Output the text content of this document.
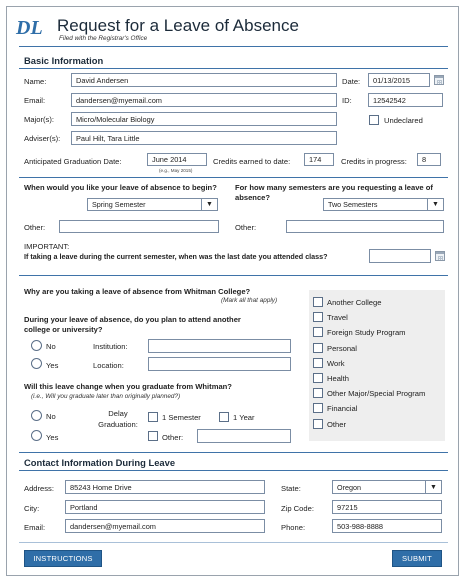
DL Request for a Leave of Absence
Filed with the Registrar's Office
Basic Information
Name:	David Andersen	Date:	01/13/2015
Email:	dandersen@myemail.com	ID:	12542542
Major(s):	Micro/Molecular Biology	Undeclared
Adviser(s):	Paul Hilt, Tara Little
Anticipated Graduation Date:	June 2014
(e.g., May 2015)
Credits earned to date:	174	Credits in progress:	8
When would you like your leave of absence to begin?
Spring Semester	▼
For how many semesters are you requesting a leave of absence?
Two Semesters	▼
Other:	Other:
IMPORTANT:
If taking a leave during the current semester, when was the last date you attended class?
Why are you taking a leave of absence from Whitman College?
(Mark all that apply)	Another College
Travel
Foreign Study Program
Personal
Work
Health
Other Major/Special Program
Financial
Other
During your leave of absence, do you plan to attend another college or university?
No	Institution:
Yes	Location:
Will this leave change when you graduate from Whitman?
(i.e., Will you graduate later than originally planned?)
No	Delay Graduation:
1 Semester	1 Year
Yes	Other:
Contact Information During Leave
Address:	85243 Home Drive	State:	Oregon	▼
City:	Portland	Zip Code:	97215
Email:	dandersen@myemail.com	Phone:	503-988-8888
INSTRUCTIONS	SUBMIT
